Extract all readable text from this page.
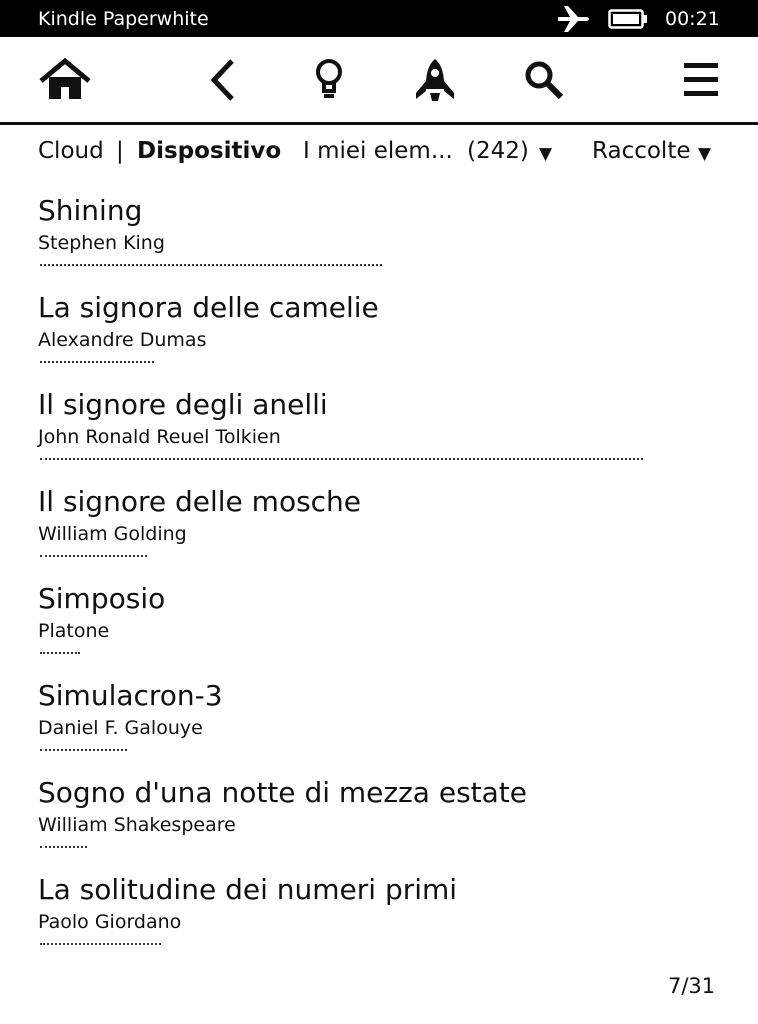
Kindle Paperwhite	00:21
Cloud | Dispositivo I miei elem... (242) ▼ Raccolte ▼
Shining
Stephen King
La signora delle camelie
Alexandre Dumas
Il signore degli anelli
John Ronald Reuel Tolkien
Il signore delle mosche
William Golding
Simposio
Platone
Simulacron-3
Daniel F. Galouye
Sogno d'una notte di mezza estate
William Shakespeare
La solitudine dei numeri primi
Paolo Giordano
7/31
